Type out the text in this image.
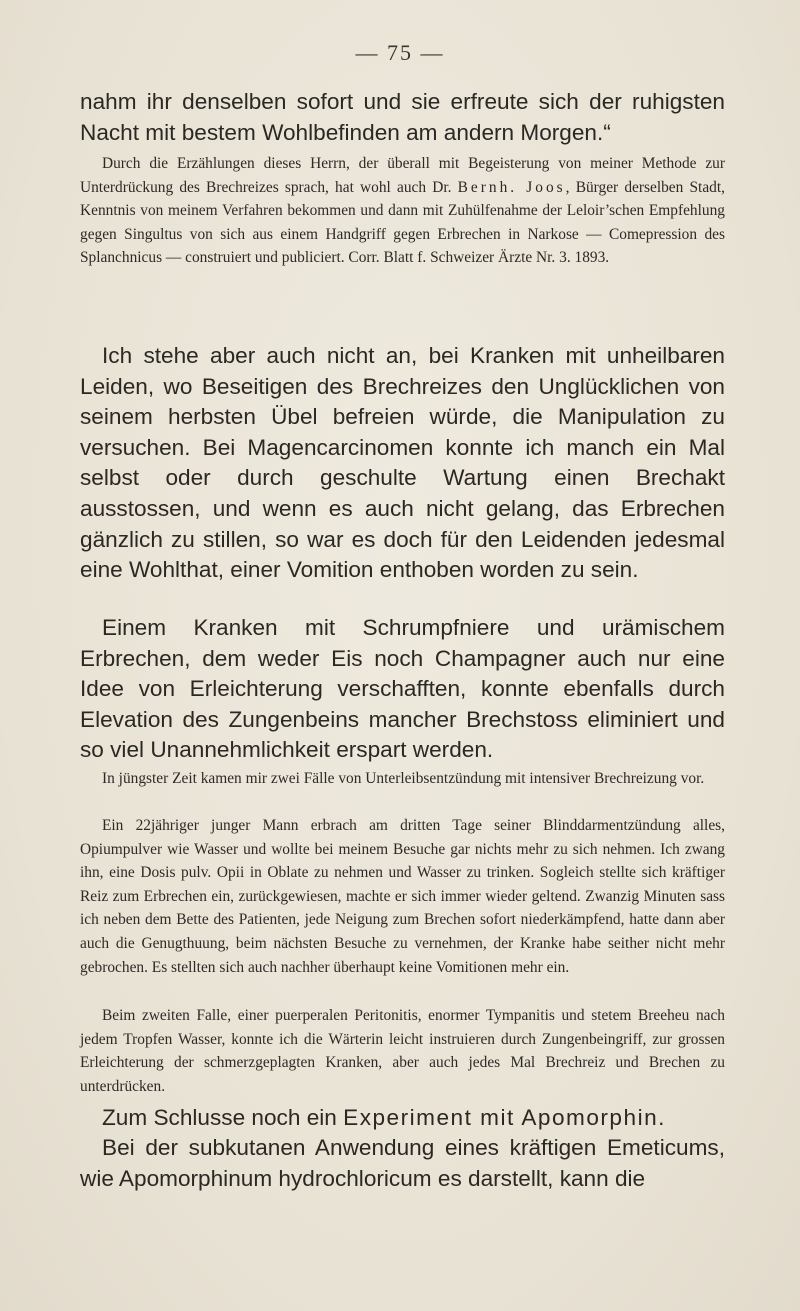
— 75 —

nahm ihr denselben sofort und sie erfreute sich der ruhigsten Nacht mit bestem Wohlbefinden am andern Morgen.“

Durch die Erzählungen dieses Herrn, der überall mit Begeisterung von meiner Methode zur Unterdrückung des Brechreizes sprach, hat wohl auch Dr. Bernh. Joos, Bürger derselben Stadt, Kenntnis von meinem Verfahren bekommen und dann mit Zuhülfenahme der Leloir’schen Empfehlung gegen Singultus von sich aus einem Handgriff gegen Erbrechen in Narkose — Comepression des Splanchnicus — construiert und publiciert. Corr. Blatt f. Schweizer Ärzte Nr. 3. 1893.

Ich stehe aber auch nicht an, bei Kranken mit unheilbaren Leiden, wo Beseitigen des Brechreizes den Unglücklichen von seinem herbsten Übel befreien würde, die Manipulation zu versuchen. Bei Magencarcinomen konnte ich manch ein Mal selbst oder durch geschulte Wartung einen Brechakt ausstossen, und wenn es auch nicht gelang, das Erbrechen gänzlich zu stillen, so war es doch für den Leidenden jedesmal eine Wohlthat, einer Vomition enthoben worden zu sein.

Einem Kranken mit Schrumpfniere und urämischem Erbrechen, dem weder Eis noch Champagner auch nur eine Idee von Erleichterung verschafften, konnte ebenfalls durch Elevation des Zungenbeins mancher Brechstoss eliminiert und so viel Unannehmlichkeit erspart werden.

In jüngster Zeit kamen mir zwei Fälle von Unterleibsentzündung mit intensiver Brechreizung vor.

Ein 22jähriger junger Mann erbrach am dritten Tage seiner Blinddarmentzündung alles, Opiumpulver wie Wasser und wollte bei meinem Besuche gar nichts mehr zu sich nehmen. Ich zwang ihn, eine Dosis pulv. Opii in Oblate zu nehmen und Wasser zu trinken. Sogleich stellte sich kräftiger Reiz zum Erbrechen ein, zurückgewiesen, machte er sich immer wieder geltend. Zwanzig Minuten sass ich neben dem Bette des Patienten, jede Neigung zum Brechen sofort niederkämpfend, hatte dann aber auch die Genugthuung, beim nächsten Besuche zu vernehmen, der Kranke habe seither nicht mehr gebrochen. Es stellten sich auch nachher überhaupt keine Vomitionen mehr ein.

Beim zweiten Falle, einer puerperalen Peritonitis, enormer Tympanitis und stetem Breeheu nach jedem Tropfen Wasser, konnte ich die Wärterin leicht instruieren durch Zungenbeingriff, zur grossen Erleichterung der schmerzgeplagten Kranken, aber auch jedes Mal Brechreiz und Brechen zu unterdrücken.

Zum Schlusse noch ein Experiment mit Apomorphin.

Bei der subkutanen Anwendung eines kräftigen Emeticums, wie Apomorphinum hydrochloricum es darstellt, kann die
